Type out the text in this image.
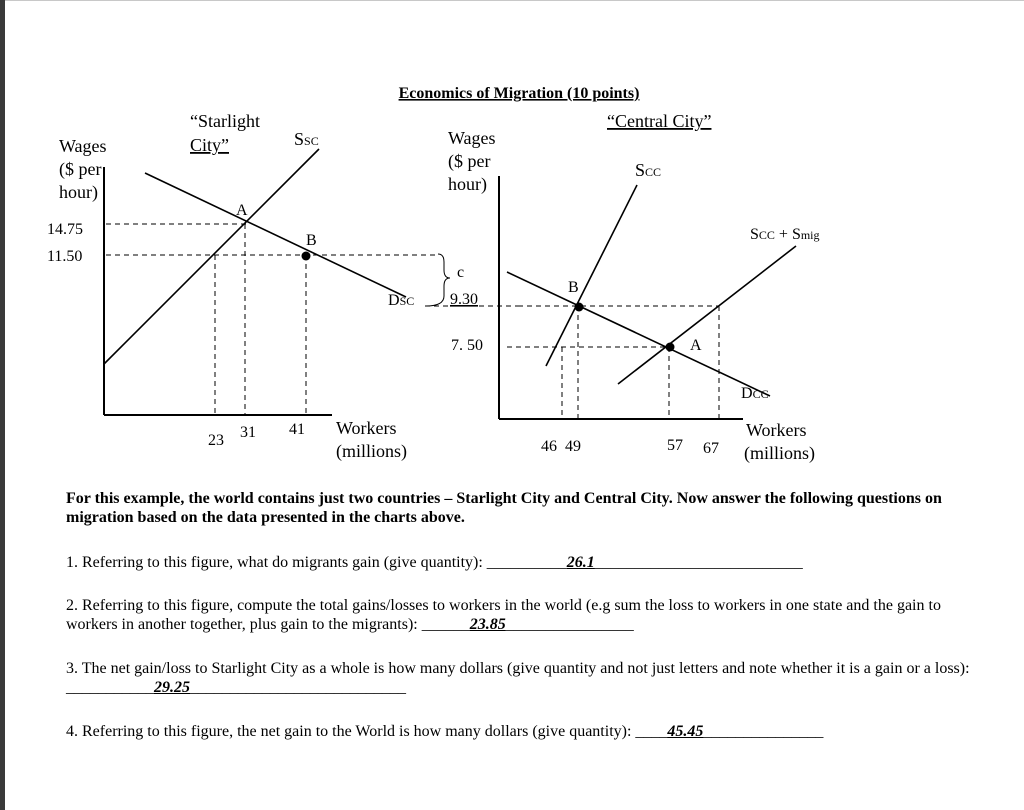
Economics of Migration (10 points)
“Starlight
City”
Wages
($ per
hour)
c
SSC
DSC
A
B
14.75
11.50
23 31 41 Workers
(millions)
“Central City”
Wages
($ per
hour)
SCC
SCC + Smig
DCC
B
A
9.30
7. 50
46  49	57 67
Workers
(millions)

For this example, the world contains just two countries – Starlight City and Central City. Now answer the following questions on migration based on the data presented in the charts above.

1. Referring to this figure, what do migrants gain (give quantity): __________26.1__________________________

2. Referring to this figure, compute the total gains/losses to workers in the world (e.g sum the loss to workers in one state and the gain to workers in another together, plus gain to the migrants): ______23.85________________

3. The net gain/loss to Starlight City as a whole is how many dollars (give quantity and not just letters and note whether it is a gain or a loss): ___________29.25___________________________

4. Referring to this figure, the net gain to the World is how many dollars (give quantity): ____45.45_______________
